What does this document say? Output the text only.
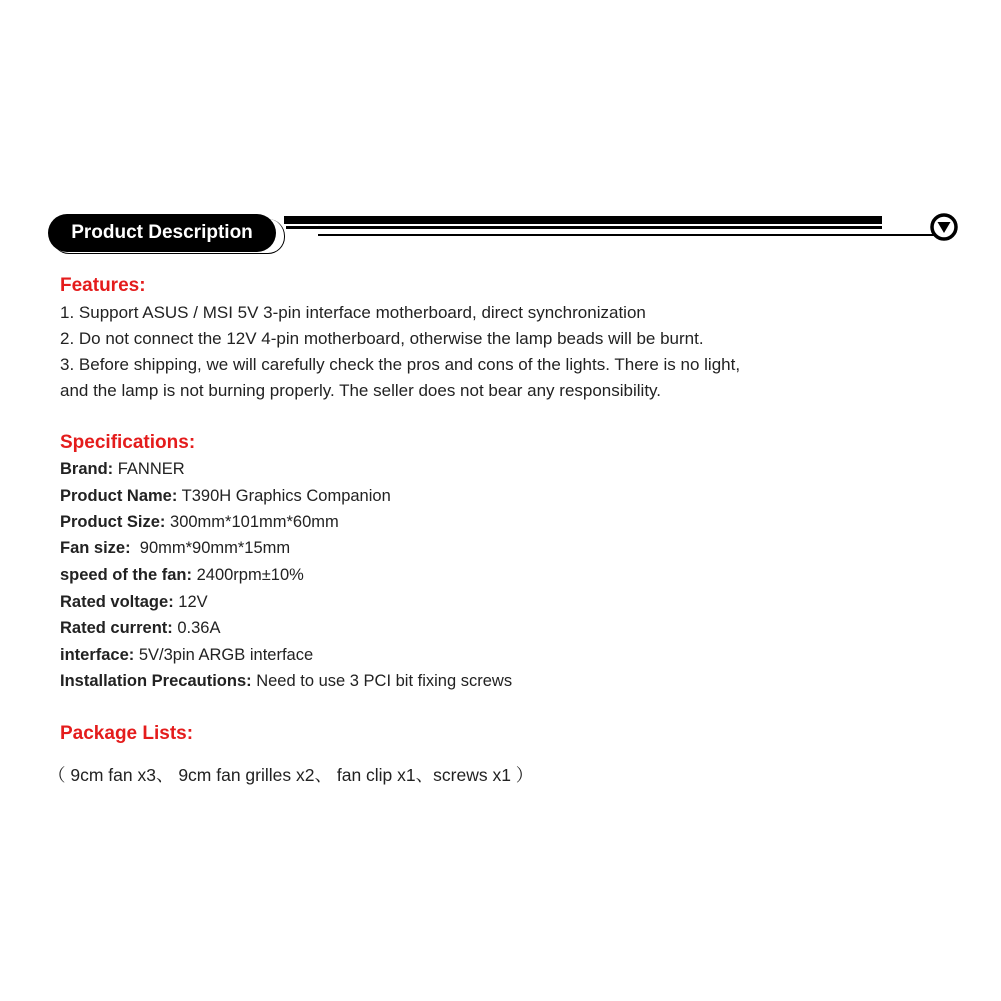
Product Description
Features:
1. Support ASUS / MSI 5V 3-pin interface motherboard, direct synchronization
2. Do not connect the 12V 4-pin motherboard, otherwise the lamp beads will be burnt.
3. Before shipping, we will carefully check the pros and cons of the lights. There is no light,
and the lamp is not burning properly. The seller does not bear any responsibility.
Specifications:
Brand: FANNER
Product Name: T390H Graphics Companion
Product Size: 300mm*101mm*60mm
Fan size:  90mm*90mm*15mm
speed of the fan: 2400rpm±10%
Rated voltage: 12V
Rated current: 0.36A
interface: 5V/3pin ARGB interface
Installation Precautions: Need to use 3 PCI bit fixing screws
Package Lists:
（ 9cm fan x3、 9cm fan grilles x2、 fan clip x1、screws x1 ）
